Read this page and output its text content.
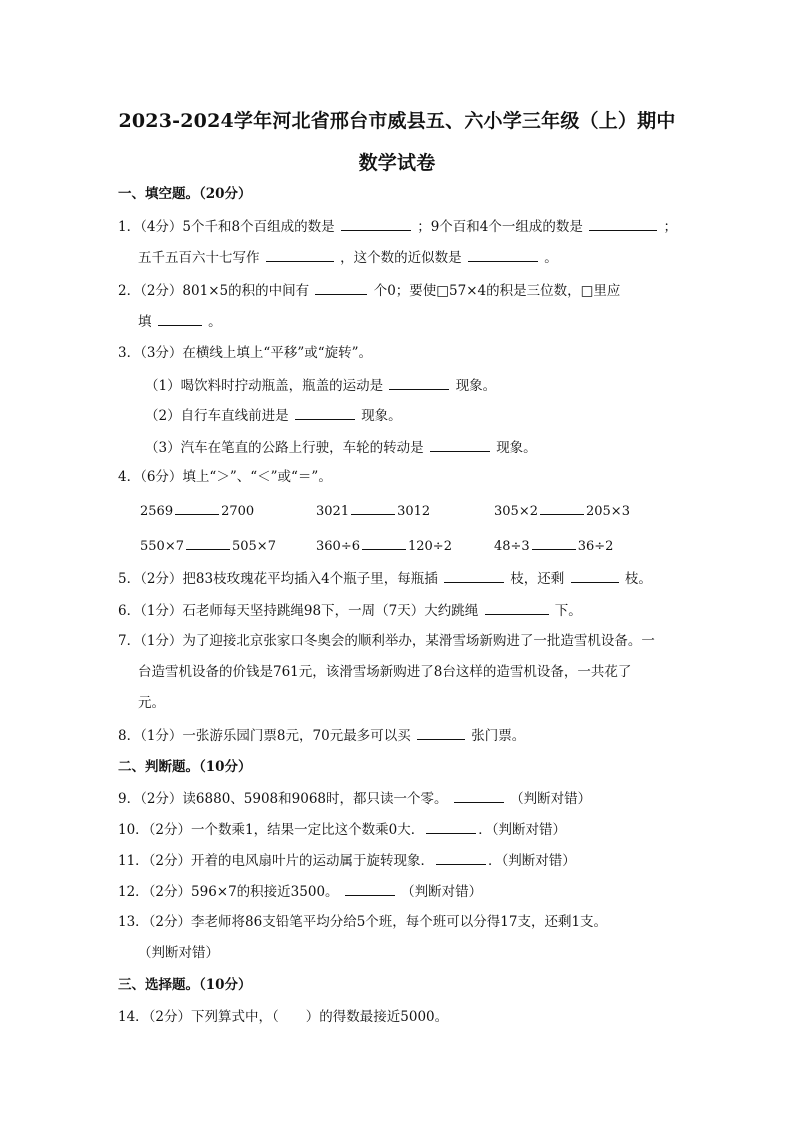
2023-2024学年河北省邢台市威县五、六小学三年级（上）期中
数学试卷
一、填空题。（20分）
1．（4分）5个千和8个百组成的数是	；9个百和4个一组成的数是	；
五千五百六十七写作	，这个数的近似数是	。
2．（2分）801×5的积的中间有	个0；要使□57×4的积是三位数，□里应
填	。
3．（3分）在横线上填上“平移”或“旋转”。
（1）喝饮料时拧动瓶盖，瓶盖的运动是	现象。
（2）自行车直线前进是	现象。
（3）汽车在笔直的公路上行驶，车轮的转动是	现象。
4．（6分）填上“＞”、“＜”或“＝”。
2569	2700	3021	3012	305×2	205×3
550×7	505×7	360÷6	120÷2	48÷3	36÷2
5．（2分）把83枝玫瑰花平均插入4个瓶子里，每瓶插	枝，还剩	枝。
6．（1分）石老师每天坚持跳绳98下，一周（7天）大约跳绳	下。
7．（1分）为了迎接北京张家口冬奥会的顺利举办，某滑雪场新购进了一批造雪机设备。一
台造雪机设备的价钱是761元，该滑雪场新购进了8台这样的造雪机设备，一共花了
元。
8．（1分）一张游乐园门票8元，70元最多可以买	张门票。
二、判断题。（10分）
9．（2分）读6880、5908和9068时，都只读一个零。	（判断对错）
10．（2分）一个数乘1，结果一定比这个数乘0大．	．（判断对错）
11．（2分）开着的电风扇叶片的运动属于旋转现象．	．（判断对错）
12．（2分）596×7的积接近3500。	（判断对错）
13．（2分）李老师将86支铅笔平均分给5个班，每个班可以分得17支，还剩1支。
（判断对错）
三、选择题。（10分）
14．（2分）下列算式中，（　　）的得数最接近5000。
